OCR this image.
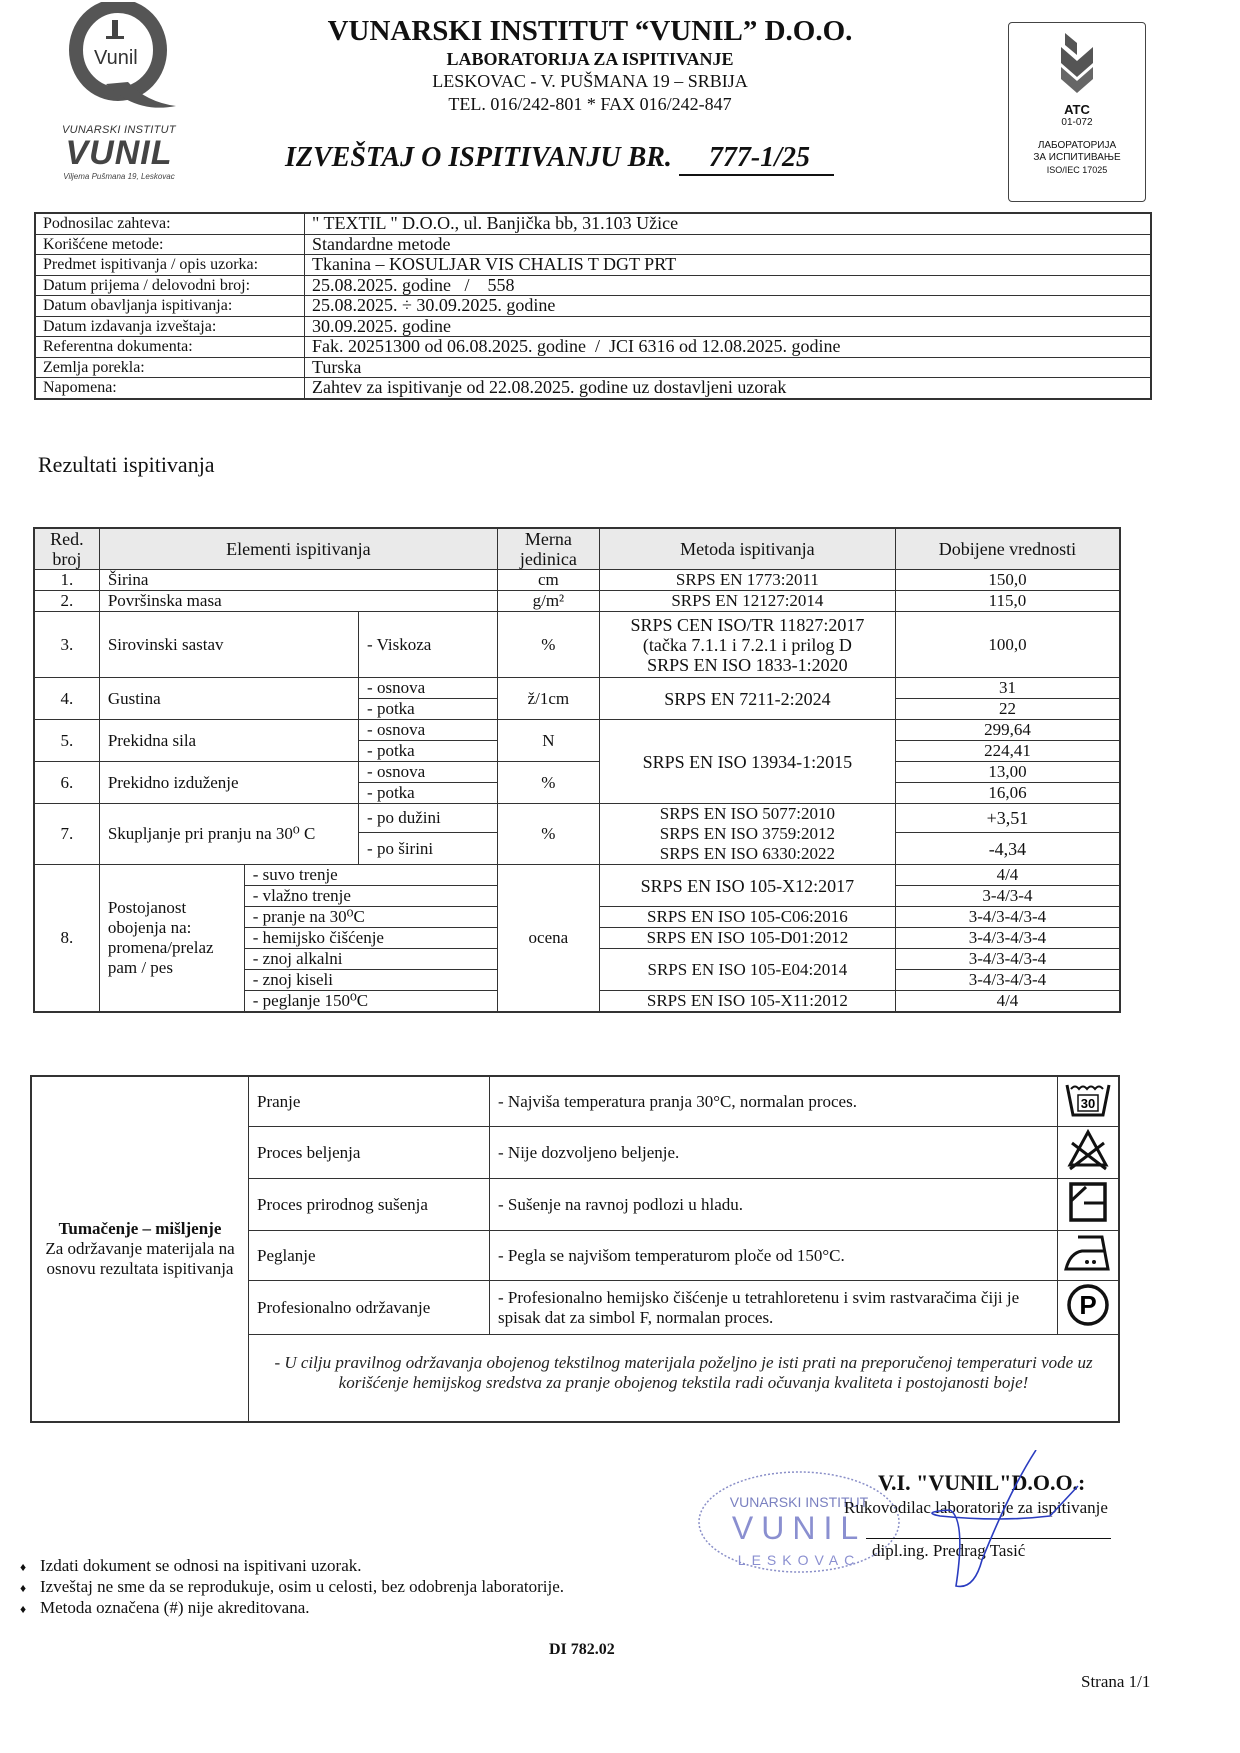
Vunil
VUNARSKI INSTITUT
VUNIL
Viljema Pušmana 19, Leskovac
VUNARSKI INSTITUT “VUNIL” D.O.O.
LABORATORIJA ZA ISPITIVANJE
LESKOVAC - V. PUŠMANA 19 – SRBIJA
TEL. 016/242-801 * FAX 016/242-847
IZVEŠTAJ O ISPITIVANJU BR. 777-1/25
ATC
01-072
ЛАБОРАТОРИЈА
ЗА ИСПИТИВАЊЕ
ISO/IEC 17025
Podnosilac zahteva:	" TEXTIL " D.O.O., ul. Banjička bb, 31.103 Užice
Korišćene metode:	Standardne metode
Predmet ispitivanja / opis uzorka:	Tkanina – KOSULJAR VIS CHALIS T DGT PRT
Datum prijema / delovodni broj:	25.08.2025. godine   /    558
Datum obavljanja ispitivanja:	25.08.2025. ÷ 30.09.2025. godine
Datum izdavanja izveštaja:	30.09.2025. godine
Referentna dokumenta:	Fak. 20251300 od 06.08.2025. godine  /  JCI 6316 od 12.08.2025. godine
Zemlja porekla:	Turska
Napomena:	Zahtev za ispitivanje od 22.08.2025. godine uz dostavljeni uzorak
Rezultati ispitivanja
Red. broj	Elementi ispitivanja			Merna jedinica	Metoda ispitivanja	Dobijene vrednosti
1.	Širina			cm	SRPS EN 1773:2011	150,0
2.	Površinska masa			g/m²	SRPS EN 12127:2014	115,0
3.	Sirovinski sastav		- Viskoza	%	SRPS CEN ISO/TR 11827:2017
(tačka 7.1.1 i 7.2.1 i prilog D
SRPS EN ISO 1833-1:2020	100,0
4.	Gustina		- osnova	ž/1cm	SRPS EN 7211-2:2024	31
			- potka			22
5.	Prekidna sila		- osnova	N	SRPS EN ISO 13934-1:2015	299,64
			- potka			224,41
6.	Prekidno izduženje		- osnova	%		13,00
			- potka			16,06
7.	Skupljanje pri pranju na 30⁰ C		- po dužini	%	SRPS EN ISO 5077:2010
SRPS EN ISO 3759:2012
SRPS EN ISO 6330:2022	+3,51
			- po širini			-4,34
8.	Postojanost obojenja na: promena/prelaz pam / pes	- suvo trenje		ocena	SRPS EN ISO 105-X12:2017	4/4
		- vlažno trenje				3-4/3-4
		- pranje na 30⁰C			SRPS EN ISO 105-C06:2016	3-4/3-4/3-4
		- hemijsko čišćenje			SRPS EN ISO 105-D01:2012	3-4/3-4/3-4
		- znoj alkalni			SRPS EN ISO 105-E04:2014	3-4/3-4/3-4
		- znoj kiseli				3-4/3-4/3-4
		- peglanje 150⁰C			SRPS EN ISO 105-X11:2012	4/4
Tumačenje – mišljenje
Za održavanje materijala na osnovu rezultata ispitivanja	Pranje	- Najviša temperatura pranja 30°C, normalan proces.	30

	Proces beljenja	- Nije dozvoljeno beljenje.	
	Proces prirodnog sušenja	- Sušenje na ravnoj podlozi u hladu.	
	Peglanje	- Pegla se najvišom temperaturom ploče od 150°C.	
	Profesionalno održavanje	- Profesionalno hemijsko čišćenje u tetrahloretenu i svim rastvaračima čiji je spisak dat za simbol F, normalan proces.	P

	- U cilju pravilnog održavanja obojenog tekstilnog materijala poželjno je isti prati na preporučenoj temperaturi vode uz korišćenje hemijskog sredstva za pranje obojenog tekstila radi očuvanja kvaliteta i postojanosti boje!		
VUNARSKI INSTITUT
VUNIL
LESKOVAC
V.I. "VUNIL"D.O.O.:
Rukovodilac laboratorije za ispitivanje
dipl.ing. Predrag Tasić
♦ Izdati dokument se odnosi na ispitivani uzorak.
♦ Izveštaj ne sme da se reprodukuje, osim u celosti, bez odobrenja laboratorije.
♦ Metoda označena (#) nije akreditovana.
DI 782.02
Strana 1/1
